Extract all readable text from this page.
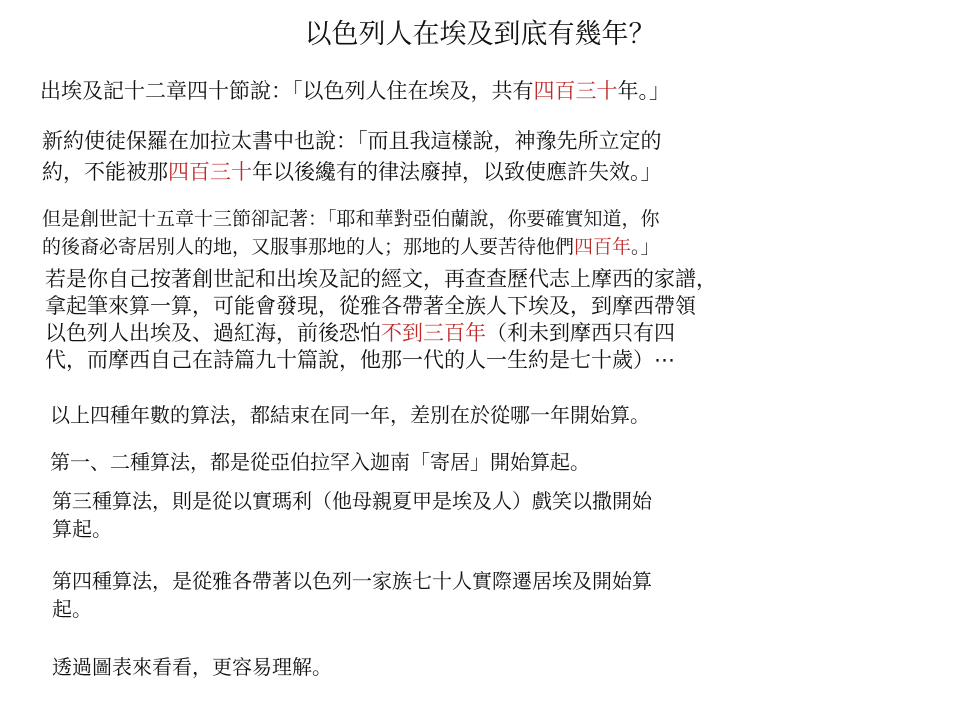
以色列人在埃及到底有幾年？

出埃及記十二章四十節說：「以色列人住在埃及，共有四百三十年。」

新約使徒保羅在加拉太書中也說：「而且我這樣說，神豫先所立定的
約，不能被那四百三十年以後纔有的律法廢掉，以致使應許失效。」

但是創世記十五章十三節卻記著：「耶和華對亞伯蘭說，你要確實知道，你
的後裔必寄居別人的地，又服事那地的人；那地的人要苦待他們四百年。」

若是你自己按著創世記和出埃及記的經文，再查查歷代志上摩西的家譜，
拿起筆來算一算，可能會發現，從雅各帶著全族人下埃及，到摩西帶領
以色列人出埃及、過紅海，前後恐怕不到三百年（利未到摩西只有四
代，而摩西自己在詩篇九十篇說，他那一代的人一生約是七十歲）⋯

以上四種年數的算法，都結束在同一年，差別在於從哪一年開始算。

第一、二種算法，都是從亞伯拉罕入迦南「寄居」開始算起。

第三種算法，則是從以實瑪利（他母親夏甲是埃及人）戲笑以撒開始
算起。

第四種算法，是從雅各帶著以色列一家族七十人實際遷居埃及開始算
起。

透過圖表來看看，更容易理解。
